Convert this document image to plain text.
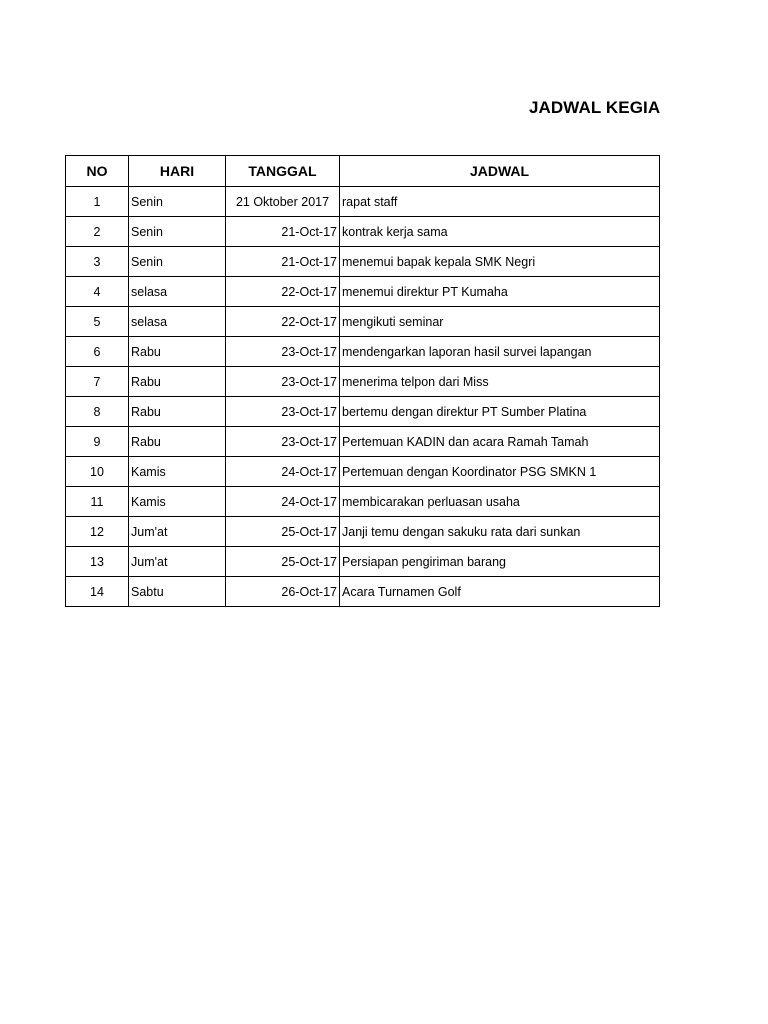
JADWAL KEGIA
NO	HARI	TANGGAL	JADWAL
1	Senin	21 Oktober 2017	rapat staff
2	Senin	21-Oct-17	kontrak kerja sama
3	Senin	21-Oct-17	menemui bapak kepala SMK Negri
4	selasa	22-Oct-17	menemui direktur PT Kumaha
5	selasa	22-Oct-17	mengikuti seminar
6	Rabu	23-Oct-17	mendengarkan laporan hasil survei lapangan
7	Rabu	23-Oct-17	menerima telpon dari Miss
8	Rabu	23-Oct-17	bertemu dengan direktur PT Sumber Platina
9	Rabu	23-Oct-17	Pertemuan KADIN dan acara Ramah Tamah
10	Kamis	24-Oct-17	Pertemuan dengan Koordinator PSG SMKN 1
11	Kamis	24-Oct-17	membicarakan perluasan usaha
12	Jum'at	25-Oct-17	Janji temu dengan sakuku rata dari sunkan
13	Jum'at	25-Oct-17	Persiapan pengiriman barang
14	Sabtu	26-Oct-17	Acara Turnamen Golf
